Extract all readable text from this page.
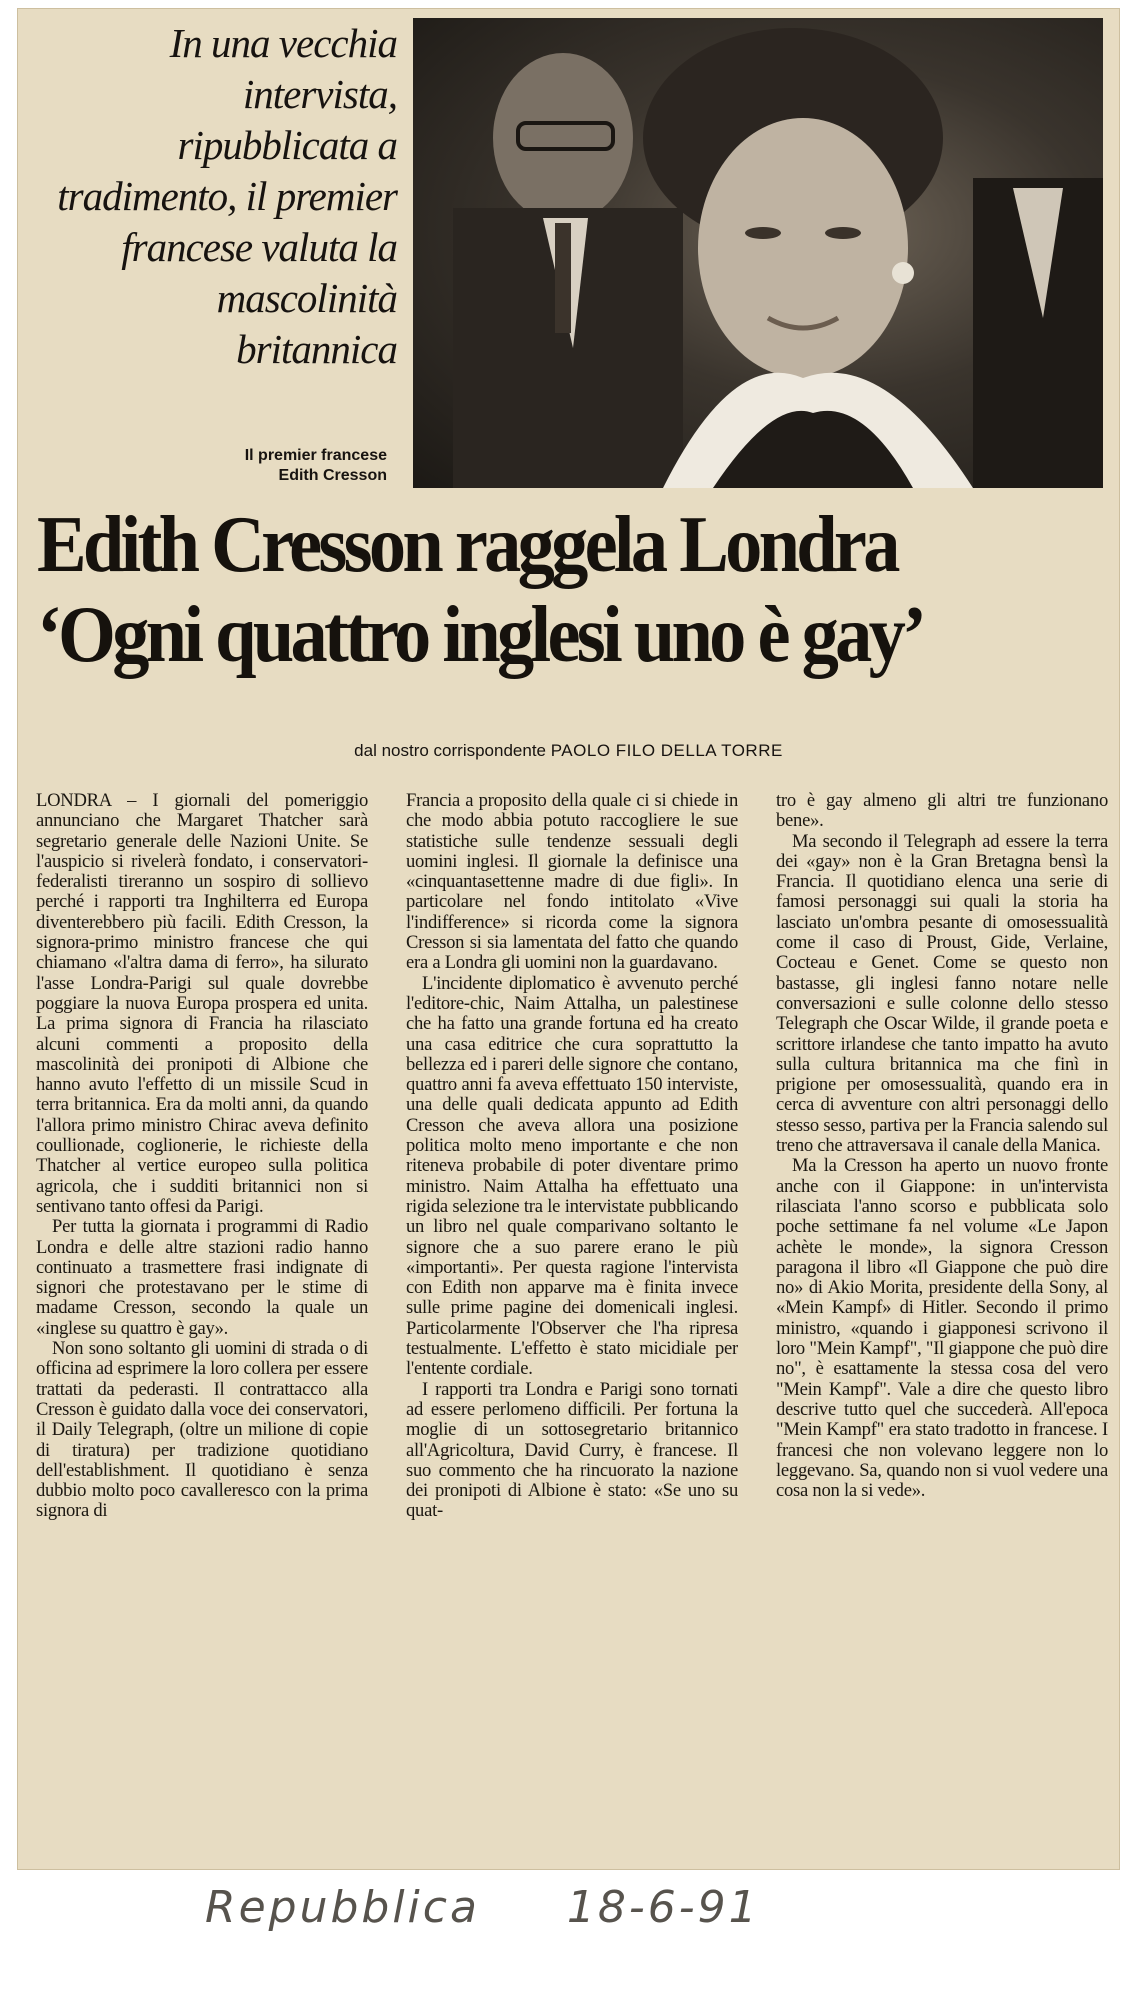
In una vecchia intervista, ripubblicata a tradimento, il premier francese valuta la mascolinità britannica
Il premier francese
Edith Cresson
Edith Cresson raggela Londra
‘Ogni quattro inglesi uno è gay’
dal nostro corrispondente PAOLO FILO DELLA TORRE

LONDRA – I giornali del pomeriggio annunciano che Margaret Thatcher sarà segretario generale delle Nazioni Unite. Se l'auspicio si rivelerà fondato, i conservatori-federalisti tireranno un sospiro di sollievo perché i rapporti tra Inghilterra ed Europa diventerebbero più facili. Edith Cresson, la signora-primo ministro francese che qui chiamano «l'altra dama di ferro», ha silurato l'asse Londra-Parigi sul quale dovrebbe poggiare la nuova Europa prospera ed unita. La prima signora di Francia ha rilasciato alcuni commenti a proposito della mascolinità dei pronipoti di Albione che hanno avuto l'effetto di un missile Scud in terra britannica. Era da molti anni, da quando l'allora primo ministro Chirac aveva definito coullionade, coglionerie, le richieste della Thatcher al vertice europeo sulla politica agricola, che i sudditi britannici non si sentivano tanto offesi da Parigi.

Per tutta la giornata i programmi di Radio Londra e delle altre stazioni radio hanno continuato a trasmettere frasi indignate di signori che protestavano per le stime di madame Cresson, secondo la quale un «inglese su quattro è gay».

Non sono soltanto gli uomini di strada o di officina ad esprimere la loro collera per essere trattati da pederasti. Il contrattacco alla Cresson è guidato dalla voce dei conservatori, il Daily Telegraph, (oltre un milione di copie di tiratura) per tradizione quotidiano dell'establishment. Il quotidiano è senza dubbio molto poco cavalleresco con la prima signora di

Francia a proposito della quale ci si chiede in che modo abbia potuto raccogliere le sue statistiche sulle tendenze sessuali degli uomini inglesi. Il giornale la definisce una «cinquantasettenne madre di due figli». In particolare nel fondo intitolato «Vive l'indifference» si ricorda come la signora Cresson si sia lamentata del fatto che quando era a Londra gli uomini non la guardavano.

L'incidente diplomatico è avvenuto perché l'editore-chic, Naim Attalha, un palestinese che ha fatto una grande fortuna ed ha creato una casa editrice che cura soprattutto la bellezza ed i pareri delle signore che contano, quattro anni fa aveva effettuato 150 interviste, una delle quali dedicata appunto ad Edith Cresson che aveva allora una posizione politica molto meno importante e che non riteneva probabile di poter diventare primo ministro. Naim Attalha ha effettuato una rigida selezione tra le intervistate pubblicando un libro nel quale comparivano soltanto le signore che a suo parere erano le più «importanti». Per questa ragione l'intervista con Edith non apparve ma è finita invece sulle prime pagine dei domenicali inglesi. Particolarmente l'Observer che l'ha ripresa testualmente. L'effetto è stato micidiale per l'entente cordiale.

I rapporti tra Londra e Parigi sono tornati ad essere perlomeno difficili. Per fortuna la moglie di un sottosegretario britannico all'Agricoltura, David Curry, è francese. Il suo commento che ha rincuorato la nazione dei pronipoti di Albione è stato: «Se uno su quat-

tro è gay almeno gli altri tre funzionano bene».

Ma secondo il Telegraph ad essere la terra dei «gay» non è la Gran Bretagna bensì la Francia. Il quotidiano elenca una serie di famosi personaggi sui quali la storia ha lasciato un'ombra pesante di omosessualità come il caso di Proust, Gide, Verlaine, Cocteau e Genet. Come se questo non bastasse, gli inglesi fanno notare nelle conversazioni e sulle colonne dello stesso Telegraph che Oscar Wilde, il grande poeta e scrittore irlandese che tanto impatto ha avuto sulla cultura britannica ma che finì in prigione per omosessualità, quando era in cerca di avventure con altri personaggi dello stesso sesso, partiva per la Francia salendo sul treno che attraversava il canale della Manica.

Ma la Cresson ha aperto un nuovo fronte anche con il Giappone: in un'intervista rilasciata l'anno scorso e pubblicata solo poche settimane fa nel volume «Le Japon achète le monde», la signora Cresson paragona il libro «Il Giappone che può dire no» di Akio Morita, presidente della Sony, al «Mein Kampf» di Hitler. Secondo il primo ministro, «quando i giapponesi scrivono il loro "Mein Kampf", "Il giappone che può dire no", è esattamente la stessa cosa del vero "Mein Kampf". Vale a dire che questo libro descrive tutto quel che succederà. All'epoca "Mein Kampf" era stato tradotto in francese. I francesi che non volevano leggere non lo leggevano. Sa, quando non si vuol vedere una cosa non la si vede».

Repubblica 18-6-91
